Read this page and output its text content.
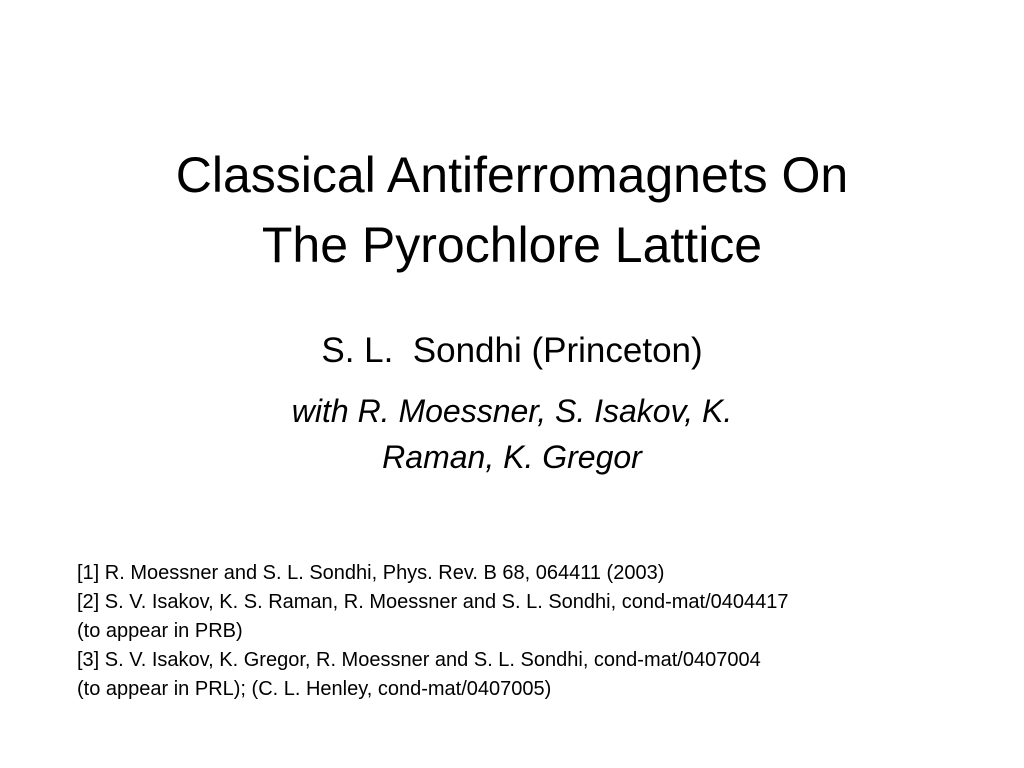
Classical Antiferromagnets On
The Pyrochlore Lattice
S. L.  Sondhi (Princeton)
with R. Moessner, S. Isakov, K.
Raman, K. Gregor
[1] R. Moessner and S. L. Sondhi, Phys. Rev. B 68, 064411 (2003)
[2] S. V. Isakov, K. S. Raman, R. Moessner and S. L. Sondhi, cond-mat/0404417
(to appear in PRB)
[3] S. V. Isakov, K. Gregor, R. Moessner and S. L. Sondhi, cond-mat/0407004
(to appear in PRL); (C. L. Henley, cond-mat/0407005)
